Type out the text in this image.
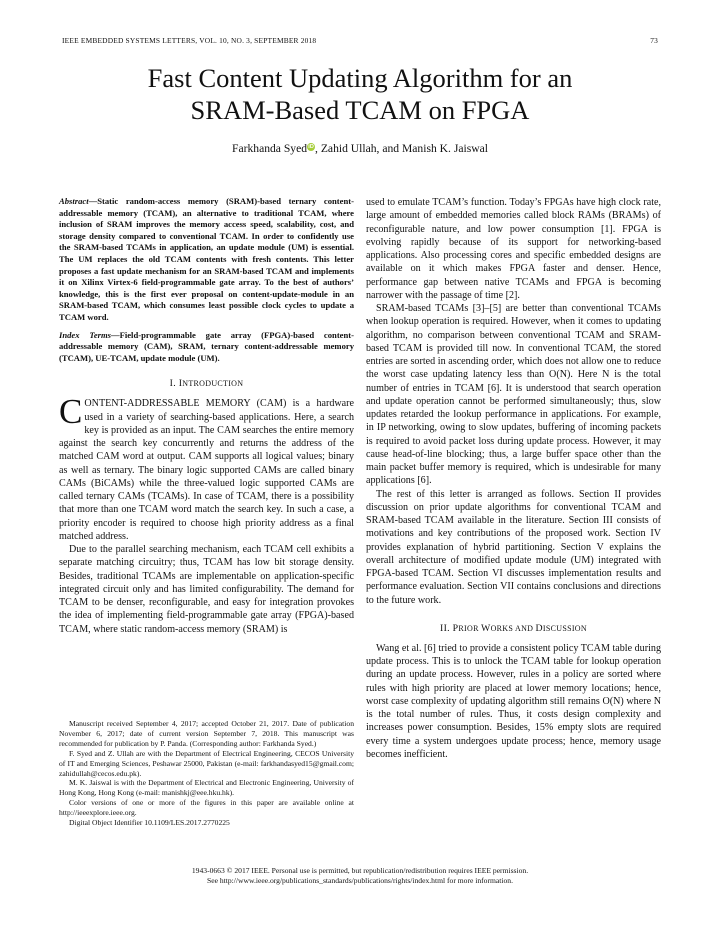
IEEE EMBEDDED SYSTEMS LETTERS, VOL. 10, NO. 3, SEPTEMBER 2018	73
Fast Content Updating Algorithm for an
SRAM-Based TCAM on FPGA
Farkhanda SyediD, Zahid Ullah, and Manish K. Jaiswal

Abstract—Static random-access memory (SRAM)-based ternary content-addressable memory (TCAM), an alternative to traditional TCAM, where inclusion of SRAM improves the memory access speed, scalability, cost, and storage density compared to conventional TCAM. In order to confidently use the SRAM-based TCAMs in application, an update module (UM) is essential. The UM replaces the old TCAM contents with fresh contents. This letter proposes a fast update mechanism for an SRAM-based TCAM and implements it on Xilinx Virtex-6 field-programmable gate array. To the best of authors’ knowledge, this is the first ever proposal on content-update-module in an SRAM-based TCAM, which consumes least possible clock cycles to update a TCAM word.

Index Terms—Field-programmable gate array (FPGA)-based content-addressable memory (CAM), SRAM, ternary content-addressable memory (TCAM), UE-TCAM, update module (UM).

I. INTRODUCTION

CONTENT-ADDRESSABLE MEMORY (CAM) is a hardware used in a variety of searching-based applications. Here, a search key is provided as an input. The CAM searches the entire memory against the search key concurrently and returns the address of the matched CAM word at output. CAM supports all logical values; binary as well as ternary. The binary logic supported CAMs are called binary CAMs (BiCAMs) while the three-valued logic supported CAMs are called ternary CAMs (TCAMs). In case of TCAM, there is a possibility that more than one TCAM word match the search key. In such a case, a priority encoder is required to choose high priority address as a final matched address.

Due to the parallel searching mechanism, each TCAM cell exhibits a separate matching circuitry; thus, TCAM has low bit storage density. Besides, traditional TCAMs are implementable on application-specific integrated circuit only and has limited configurability. The demand for TCAM to be denser, reconfigurable, and easy for integration provokes the idea of implementing field-programmable gate array (FPGA)-based TCAM, where static random-access memory (SRAM) is

Manuscript received September 4, 2017; accepted October 21, 2017. Date of publication November 6, 2017; date of current version September 7, 2018. This manuscript was recommended for publication by P. Panda. (Corresponding author: Farkhanda Syed.)

F. Syed and Z. Ullah are with the Department of Electrical Engineering, CECOS University of IT and Emerging Sciences, Peshawar 25000, Pakistan (e-mail: farkhandasyed15@gmail.com; zahidullah@cecos.edu.pk).

M. K. Jaiswal is with the Department of Electrical and Electronic Engineering, University of Hong Kong, Hong Kong (e-mail: manishkj@eee.hku.hk).

Color versions of one or more of the figures in this paper are available online at http://ieeexplore.ieee.org.

Digital Object Identifier 10.1109/LES.2017.2770225

used to emulate TCAM’s function. Today’s FPGAs have high clock rate, large amount of embedded memories called block RAMs (BRAMs) of reconfigurable nature, and low power consumption [1]. FPGA is evolving rapidly because of its support for networking-based applications. Also processing cores and specific embedded designs are available on it which makes FPGA faster and denser. Hence, performance gap between native TCAMs and FPGA is becoming narrower with the passage of time [2].

SRAM-based TCAMs [3]–[5] are better than conventional TCAMs when lookup operation is required. However, when it comes to updating algorithm, no comparison between conventional TCAM and SRAM-based TCAM is provided till now. In conventional TCAM, the stored entries are sorted in ascending order, which does not allow one to reduce the worst case updating latency less than O(N). Here N is the total number of entries in TCAM [6]. It is understood that search operation and update operation cannot be performed simultaneously; thus, slow updates retarded the lookup performance in applications. For example, in IP networking, owing to slow updates, buffering of incoming packets is required to avoid packet loss during update process. However, it may cause head-of-line blocking; thus, a large buffer space other than the main packet buffer memory is required, which is undesirable for many applications [6].

The rest of this letter is arranged as follows. Section II provides discussion on prior update algorithms for conventional TCAM and SRAM-based TCAM available in the literature. Section III consists of motivations and key contributions of the proposed work. Section IV provides explanation of hybrid partitioning. Section V explains the overall architecture of modified update module (UM) integrated with FPGA-based TCAM. Section VI discusses implementation results and performance evaluation. Section VII contains conclusions and directions to the future work.

II. PRIOR WORKS AND DISCUSSION

Wang et al. [6] tried to provide a consistent policy TCAM table during update process. This is to unlock the TCAM table for lookup operation during an update process. However, rules in a policy are sorted where rules with high priority are placed at lower memory locations; hence, worst case complexity of updating algorithm still remains O(N) where N is the total number of rules. Thus, it costs design complexity and increases power consumption. Besides, 15% empty slots are required every time a system undergoes update process; hence, memory usage becomes inefficient.

1943-0663 © 2017 IEEE. Personal use is permitted, but republication/redistribution requires IEEE permission.
See http://www.ieee.org/publications_standards/publications/rights/index.html for more information.
